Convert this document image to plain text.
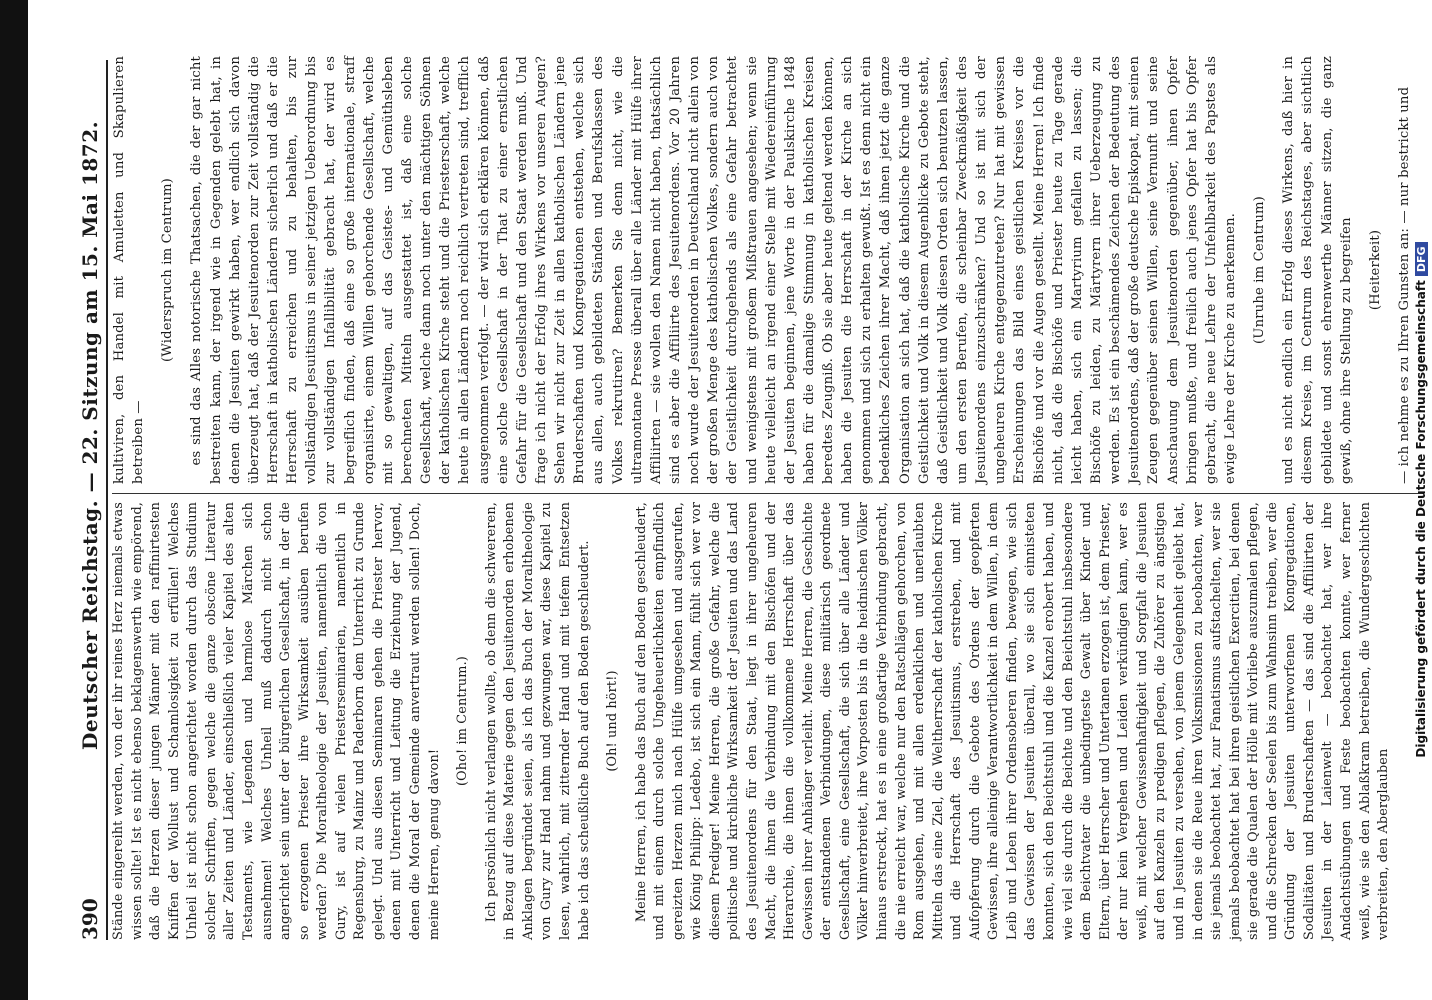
390
Deutscher Reichstag. — 22. Sitzung am 15. Mai 1872. Stände eingereiht werden, von der ihr reines Herz niemals etwas wissen sollte! Ist es nicht ebenso beklagenswerth wie empörend, daß die Herzen dieser jungen Männer mit den raffinirtesten Kniffen der Wollust und Schamlosigkeit zu erfüllen! Welches Unheil ist nicht schon angerichtet worden durch das Studium solcher Schriften, gegen welche die ganze obscöne Literatur aller Zeiten und Länder, einschließlich vieler Kapitel des alten Testaments, wie Legenden und harmlose Märchen sich ausnehmen! Welches Unheil muß dadurch nicht schon angerichtet sein unter der bürgerlichen Gesellschaft, in der die so erzogenen Priester ihre Wirksamkeit ausüben berufen werden? Die Moraltheologie der Jesuiten, namentlich die von Gury, ist auf vielen Priesterseminarien, namentlich in Regensburg, zu Mainz und Paderborn dem Unterricht zu Grunde gelegt. Und aus diesen Seminaren gehen die Priester hervor, denen mit Unterricht und Leitung die Erziehung der Jugend, denen die Moral der Gemeinde anvertraut werden sollen! Doch, meine Herren, genug davon!

(Oho! im Centrum.) Ich persönlich nicht verlangen wollte, ob denn die schwereren, in Bezug auf diese Materie gegen den Jesuitenorden erhobenen Anklagen begründet seien, als ich das Buch der Moraltheologie von Gury zur Hand nahm und gezwungen war, diese Kapitel zu lesen, wahrlich, mit zitternder Hand und mit tiefem Entsetzen habe ich das scheußliche Buch auf den Boden geschleudert. (Oh! und hört!) Meine Herren, ich habe das Buch auf den Boden geschleudert, und mit einem durch solche Ungeheuerlichkeiten empfindlich gereizten Herzen mich nach Hülfe umgesehen und ausgerufen, wie König Philipp: Ledebo, ist sich ein Mann, fühlt sich wer vor diesem Prediger! Meine Herren, die große Gefahr, welche die politische und kirchliche Wirksamkeit der Jesuiten und das Land des Jesuitenordens für den Staat, liegt in ihrer ungeheuren Macht, die ihnen die Verbindung mit den Bischöfen und der Hierarchie, die ihnen die vollkommene Herrschaft über das Gewissen ihrer Anhänger verleiht. Meine Herren, die Geschichte der entstandenen Verbindungen, diese militärisch geordnete Gesellschaft, eine Gesellschaft, die sich über alle Länder und Völker hinverbreitet, ihre Vorposten bis in die heidnischen Völker hinaus erstreckt, hat es in eine großartige Verbindung gebracht, die nie erreicht war, welche nur den Ratschlägen gehorchen, von Rom ausgehen, und mit allen erdenklichen und unerlaubten Mitteln das eine Ziel, die Weltherrschaft der katholischen Kirche und die Herrschaft des Jesuitismus, erstreben, und mit Aufopferung durch die Gebote des Ordens der geopferten Gewissen, ihre alleinige Verantwortlichkeit in dem Willen, in dem Leib und Leben ihrer Ordensoberen finden, bewegen, wie sich das Gewissen der Jesuiten überall, wo sie sich einnisteten konnten, sich den Beichtstuhl und die Kanzel erobert haben, und wie viel sie durch die Beichte und den Beichtstuhl insbesondere dem Beichtvater die unbedingteste Gewalt über Kinder und Eltern, über Herrscher und Untertanen erzogen ist, dem Priester, der nur kein Vergehen und Leiden verkündigen kann, wer es weiß, mit welcher Gewissenhaftigkeit und Sorgfalt die Jesuiten auf den Kanzeln zu predigen pflegen, die Zuhörer zu ängstigen und in Jesuiten zu versehen, von jenem Gelegenheit geliebt hat, in denen sie die Reue ihren Volksmissionen zu beobachten, wer sie jemals beobachtet hat, zur Fanatismus aufstachelten, wer sie jemals beobachtet hat bei ihren geistlichen Exercitien, bei denen sie gerade die Qualen der Hölle mit Vorliebe auszumalen pflegen, und die Schrecken der Seelen bis zum Wahnsinn treiben, wer die Gründung der Jesuiten unterworfenen Kongregationen, Sodalitäten und Bruderschaften — das sind die Affiliirten der Jesuiten in der Laienwelt — beobachtet hat, wer ihre Andachtsübungen und Feste beobachten konnte, wer ferner weiß, wie sie den Ablaßkram betreiben, die Wundergeschichten verbreiten, den Aberglauben

kultiviren, den Handel mit Amuletten und Skapulieren betreiben —

(Widerspruch im Centrum) es sind das Alles notorische Thatsachen, die der gar nicht bestreiten kann, der irgend wie in Gegenden gelebt hat, in denen die Jesuiten gewirkt haben, wer endlich sich davon überzeugt hat, daß der Jesuitenorden zur Zeit vollständig die Herrschaft in katholischen Ländern sicherlich und daß er die Herrschaft zu erreichen und zu behalten, bis zur vollständigen Jesuitismus in seiner jetzigen Ueberordnung bis zur vollständigen Infallibilität gebracht hat, der wird es begreiflich finden, daß eine so große internationale, straff organisirte, einem Willen gehorchende Gesellschaft, welche mit so gewaltigen, auf das Geistes- und Gemüthsleben berechneten Mitteln ausgestattet ist, daß eine solche Gesellschaft, welche dann noch unter den mächtigen Söhnen der katholischen Kirche steht und die Priesterschaft, welche heute in allen Ländern noch reichlich vertreten sind, trefflich ausgenommen verfolgt. — der wird sich erklären können, daß eine solche Gesellschaft in der That zu einer ernstlichen Gefahr für die Gesellschaft und den Staat werden muß. Und frage ich nicht der Erfolg ihres Wirkens vor unseren Augen? Sehen wir nicht zur Zeit in allen katholischen Ländern jene Bruderschaften und Kongregationen entstehen, welche sich aus allen, auch gebildeten Ständen und Berufsklassen des Volkes rekrutiren? Bemerken Sie denn nicht, wie die ultramontane Presse überall über alle Länder mit Hülfe ihrer Affiliirten — sie wollen den Namen nicht haben, thatsächlich sind es aber die Affiliirte des Jesuitenordens. Vor 20 Jahren noch wurde der Jesuitenorden in Deutschland nicht allein von der großen Menge des katholischen Volkes, sondern auch von der Geistlichkeit durchgehends als eine Gefahr betrachtet und wenigstens mit großem Mißtrauen angesehen; wenn sie heute vielleicht an irgend einer Stelle mit Wiedereinführung der Jesuiten beginnen, jene Worte in der Paulskirche 1848 haben für die damalige Stimmung in katholischen Kreisen beredtes Zeugniß. Ob sie aber heute geltend werden können, haben die Jesuiten die Herrschaft in der Kirche an sich genommen und sich zu erhalten gewußt. Ist es denn nicht ein bedenkliches Zeichen ihrer Macht, daß ihnen jetzt die ganze Organisation an sich hat, daß die katholische Kirche und die Geistlichkeit und Volk in diesem Augenblicke zu Gebote steht, daß Geistlichkeit und Volk diesen Orden sich benutzen lassen, um den ersten Berufen, die scheinbar Zweckmäßigkeit des Jesuitenordens einzuschränken? Und so ist mit sich der ungeheuren Kirche entgegenzutreten? Nur hat mit gewissen Erscheinungen das Bild eines geistlichen Kreises vor die Bischöfe und vor die Augen gestellt. Meine Herren! Ich finde nicht, daß die Bischöfe und Priester heute zu Tage gerade leicht haben, sich ein Martyrium gefallen zu lassen; die Bischöfe zu leiden, zu Märtyrern ihrer Ueberzeugung zu werden. Es ist ein beschämendes Zeichen der Bedeutung des Jesuitenordens, daß der große deutsche Episkopat, mit seinen Zeugen gegenüber seinen Willen, seine Vernunft und seine Anschauung dem Jesuitenorden gegenüber, ihnen Opfer bringen mußte, und freilich auch jenes Opfer hat bis Opfer gebracht, die neue Lehre der Unfehlbarkeit des Papstes als ewige Lehre der Kirche zu anerkennen. (Unruhe im Centrum) und es nicht endlich ein Erfolg dieses Wirkens, daß hier in diesem Kreise, im Centrum des Reichstages, aber sichtlich gebildete und sonst ehrenwerthe Männer sitzen, die ganz gewiß, ohne ihre Stellung zu begreifen (Heiterkeit) — ich nehme es zu Ihren Gunsten an: — nur bestrickt und Digitalisierung gefördert durch die Deutsche ForschungsgemeinschaftDFG
